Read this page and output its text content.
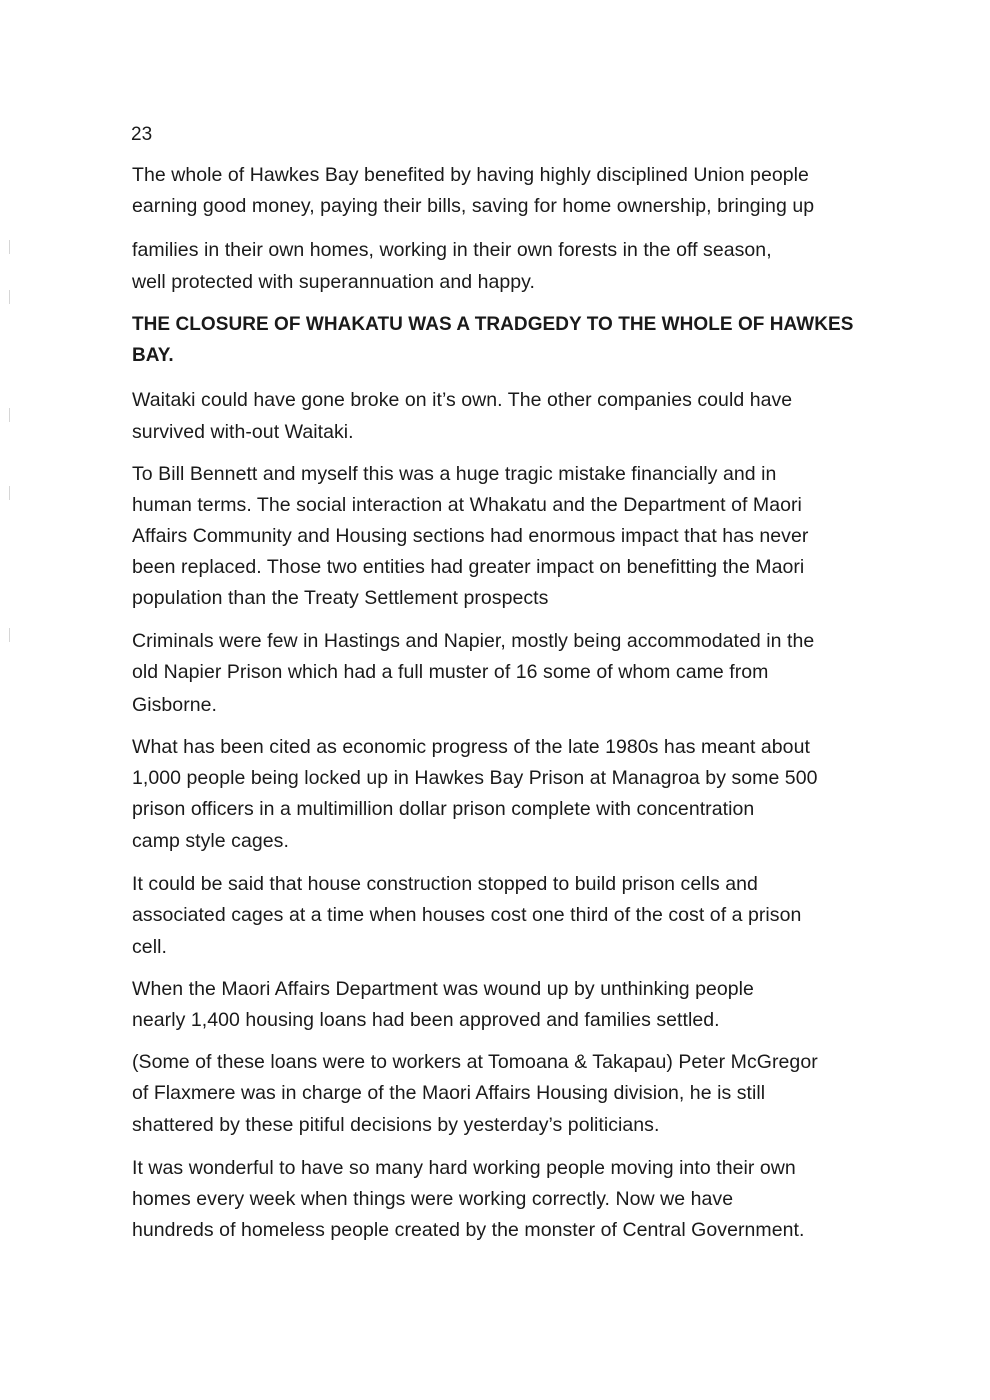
23
The whole of Hawkes Bay benefited by having highly disciplined Union people
earning good money, paying their bills, saving for home ownership, bringing up
families in their own homes, working in their own forests in the off season,
well protected with superannuation and happy.
THE CLOSURE OF WHAKATU WAS A TRADGEDY TO THE WHOLE OF HAWKES
BAY.
Waitaki could have gone broke on it’s own. The other companies could have
survived with-out Waitaki.
To Bill Bennett and myself this was a huge tragic mistake financially and in
human terms. The social interaction at Whakatu and the Department of Maori
Affairs Community and Housing sections had enormous impact that has never
been replaced. Those two entities had greater impact on benefitting the Maori
population than the Treaty Settlement prospects
Criminals were few in Hastings and Napier, mostly being accommodated in the
old Napier Prison which had a full muster of 16 some of whom came from
Gisborne.
What has been cited as economic progress of the late 1980s has meant about
1,000 people being locked up in Hawkes Bay Prison at Managroa by some 500
prison officers in a multimillion dollar prison complete with concentration
camp style cages.
It could be said that house construction stopped to build prison cells and
associated cages at a time when houses cost one third of the cost of a prison
cell.
When the Maori Affairs Department was wound up by unthinking people
nearly 1,400 housing loans had been approved and families settled.
(Some of these loans were to workers at Tomoana & Takapau) Peter McGregor
of Flaxmere was in charge of the Maori Affairs Housing division, he is still
shattered by these pitiful decisions by yesterday’s politicians.
It was wonderful to have so many hard working people moving into their own
homes every week when things were working correctly. Now we have
hundreds of homeless people created by the monster of Central Government.
